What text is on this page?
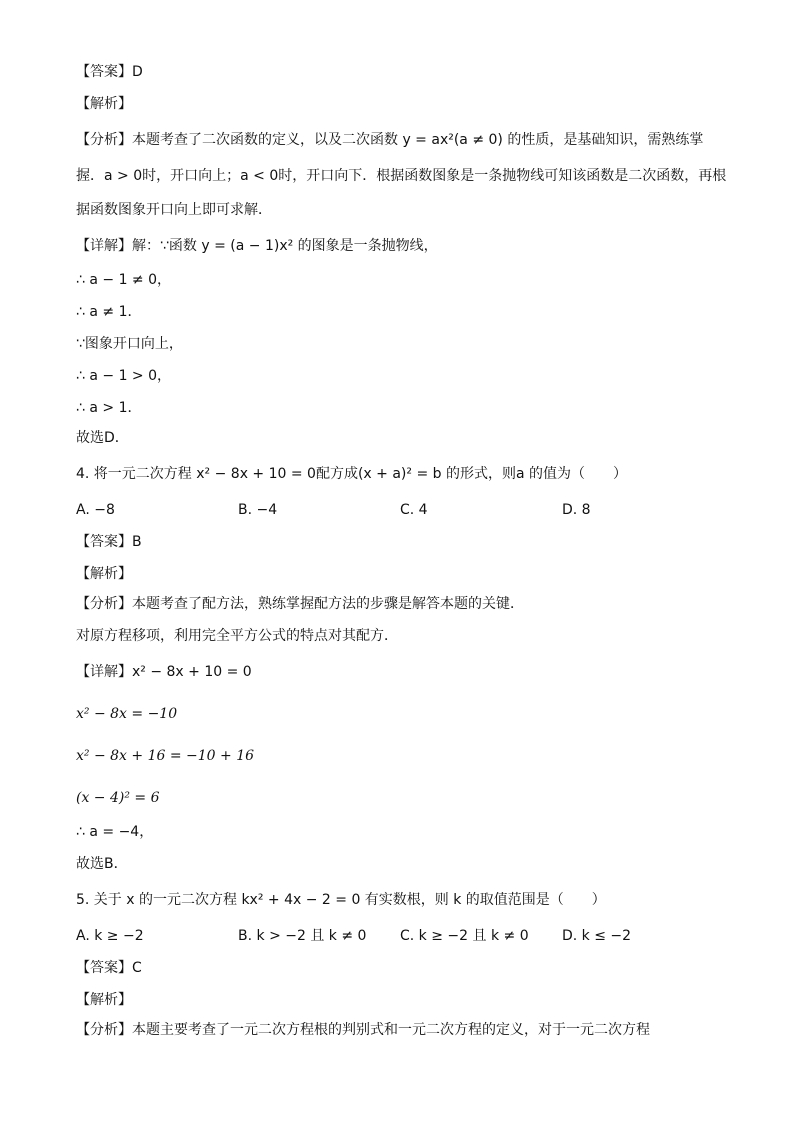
【答案】D
【解析】
【分析】本题考查了二次函数的定义，以及二次函数 y = ax²(a ≠ 0) 的性质，是基础知识，需熟练掌
握．a > 0时，开口向上；a < 0时，开口向下．根据函数图象是一条抛物线可知该函数是二次函数，再根
据函数图象开口向上即可求解．
【详解】解：∵函数 y = (a − 1)x² 的图象是一条抛物线，
∴ a − 1 ≠ 0，
∴ a ≠ 1．
∵图象开口向上，
∴ a − 1 > 0，
∴ a > 1．
故选D．
4. 将一元二次方程 x² − 8x + 10 = 0配方成(x + a)² = b 的形式，则a 的值为（　　）
A. −8	B. −4	C. 4	D. 8
【答案】B
【解析】
【分析】本题考查了配方法，熟练掌握配方法的步骤是解答本题的关键．
对原方程移项，利用完全平方公式的特点对其配方．
【详解】x² − 8x + 10 = 0
x² − 8x = −10
x² − 8x + 16 = −10 + 16
(x − 4)² = 6
∴ a = −4，
故选B．
5. 关于 x 的一元二次方程 kx² + 4x − 2 = 0 有实数根，则 k 的取值范围是（　　）
A. k ≥ −2	B. k > −2 且 k ≠ 0 C. k ≥ −2 且 k ≠ 0 D. k ≤ −2
【答案】C
【解析】
【分析】本题主要考查了一元二次方程根的判别式和一元二次方程的定义，对于一元二次方程
